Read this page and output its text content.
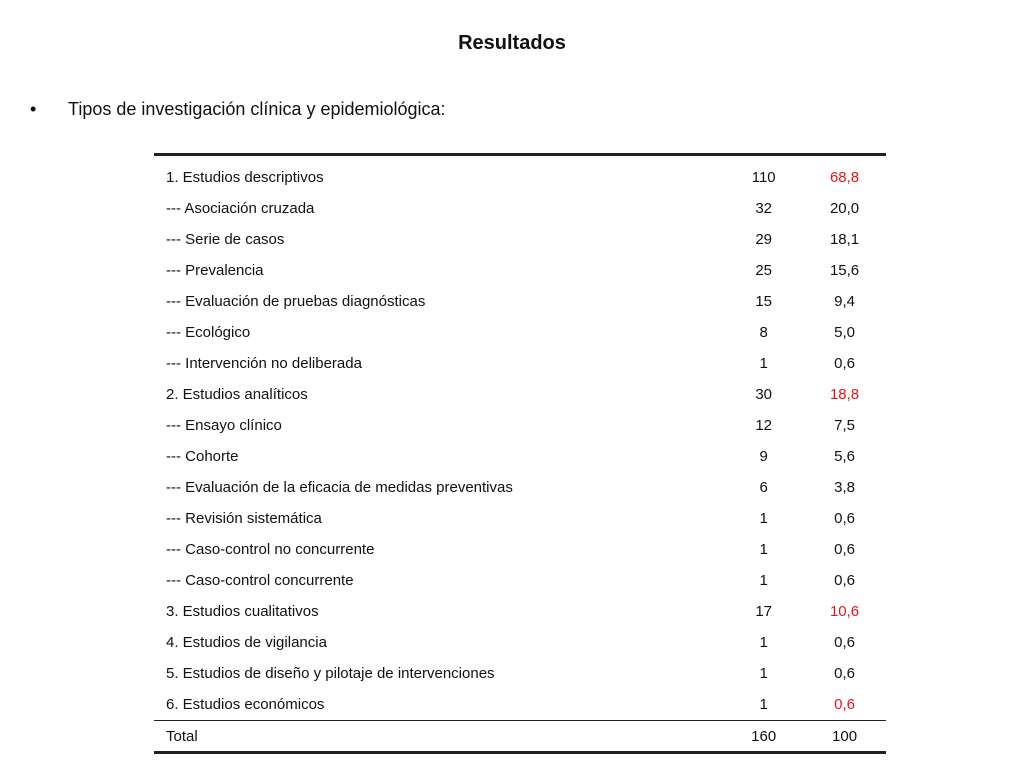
Resultados
•	Tipos de investigación clínica y epidemiológica:

1. Estudios descriptivos	110	68,8
--- Asociación cruzada	32	20,0
--- Serie de casos	29	18,1
--- Prevalencia	25	15,6
--- Evaluación de pruebas diagnósticas	15	9,4
--- Ecológico	8	5,0
--- Intervención no deliberada	1	0,6
2. Estudios analíticos	30	18,8
--- Ensayo clínico	12	7,5
--- Cohorte	9	5,6
--- Evaluación de la eficacia de medidas preventivas	6	3,8
--- Revisión sistemática	1	0,6
--- Caso-control no concurrente	1	0,6
--- Caso-control concurrente	1	0,6
3. Estudios cualitativos	17	10,6
4. Estudios de vigilancia	1	0,6
5. Estudios de diseño y pilotaje de intervenciones	1	0,6
6. Estudios económicos	1	0,6
Total	160	100
